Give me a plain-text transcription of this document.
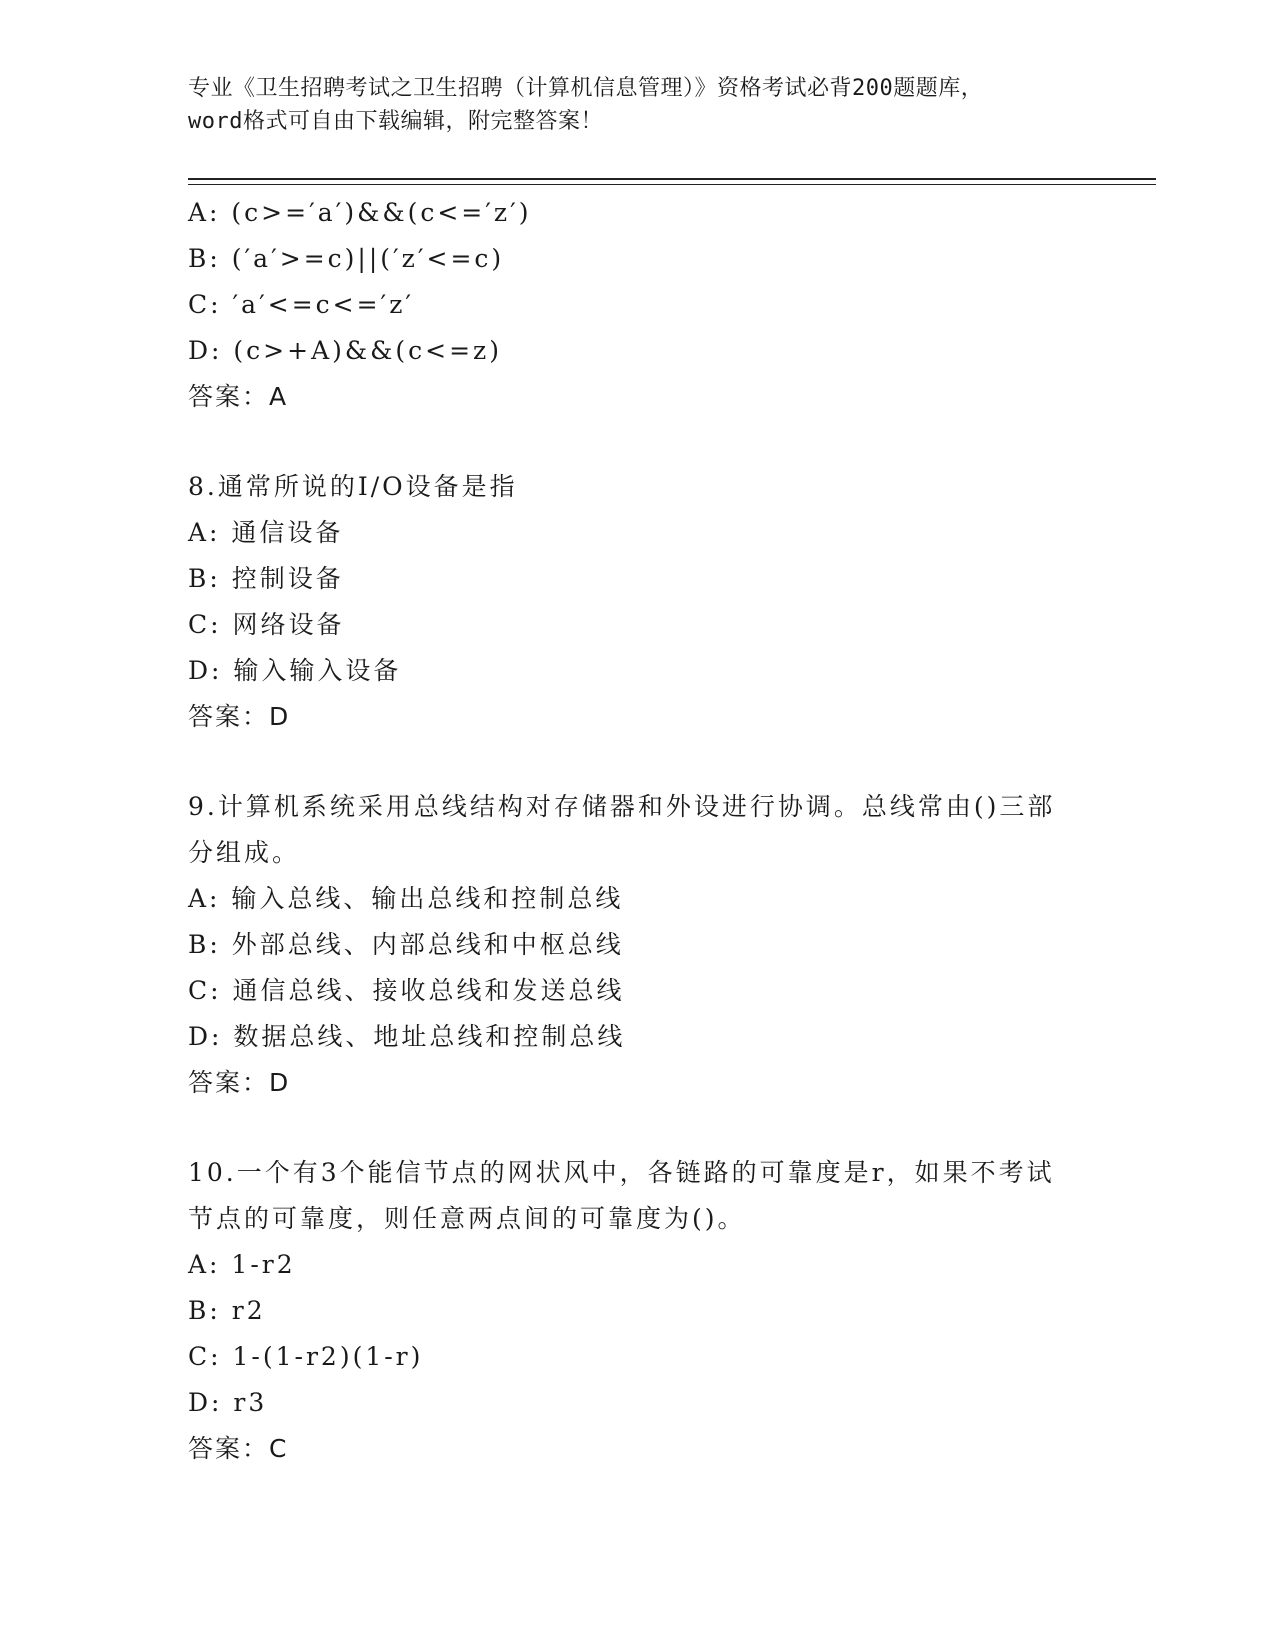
专业《卫生招聘考试之卫生招聘（计算机信息管理）》资格考试必背200题题库，
word格式可自由下载编辑，附完整答案！
A: (c>=′a′)&&(c<=′z′)
B: (′a′>=c)||(′z′<=c)
C: ′a′<=c<=′z′
D: (c>+A)&&(c<=z)
答案：A
8.通常所说的I/O设备是指
A: 通信设备
B: 控制设备
C: 网络设备
D: 输入输入设备
答案：D
9.计算机系统采用总线结构对存储器和外设进行协调。总线常由()三部分组成。
A: 输入总线、输出总线和控制总线
B: 外部总线、内部总线和中枢总线
C: 通信总线、接收总线和发送总线
D: 数据总线、地址总线和控制总线
答案：D
10.一个有3个能信节点的网状风中，各链路的可靠度是r，如果不考试节点的可靠度，则任意两点间的可靠度为()。
A: 1-r2
B: r2
C: 1-(1-r2)(1-r)
D: r3
答案：C
